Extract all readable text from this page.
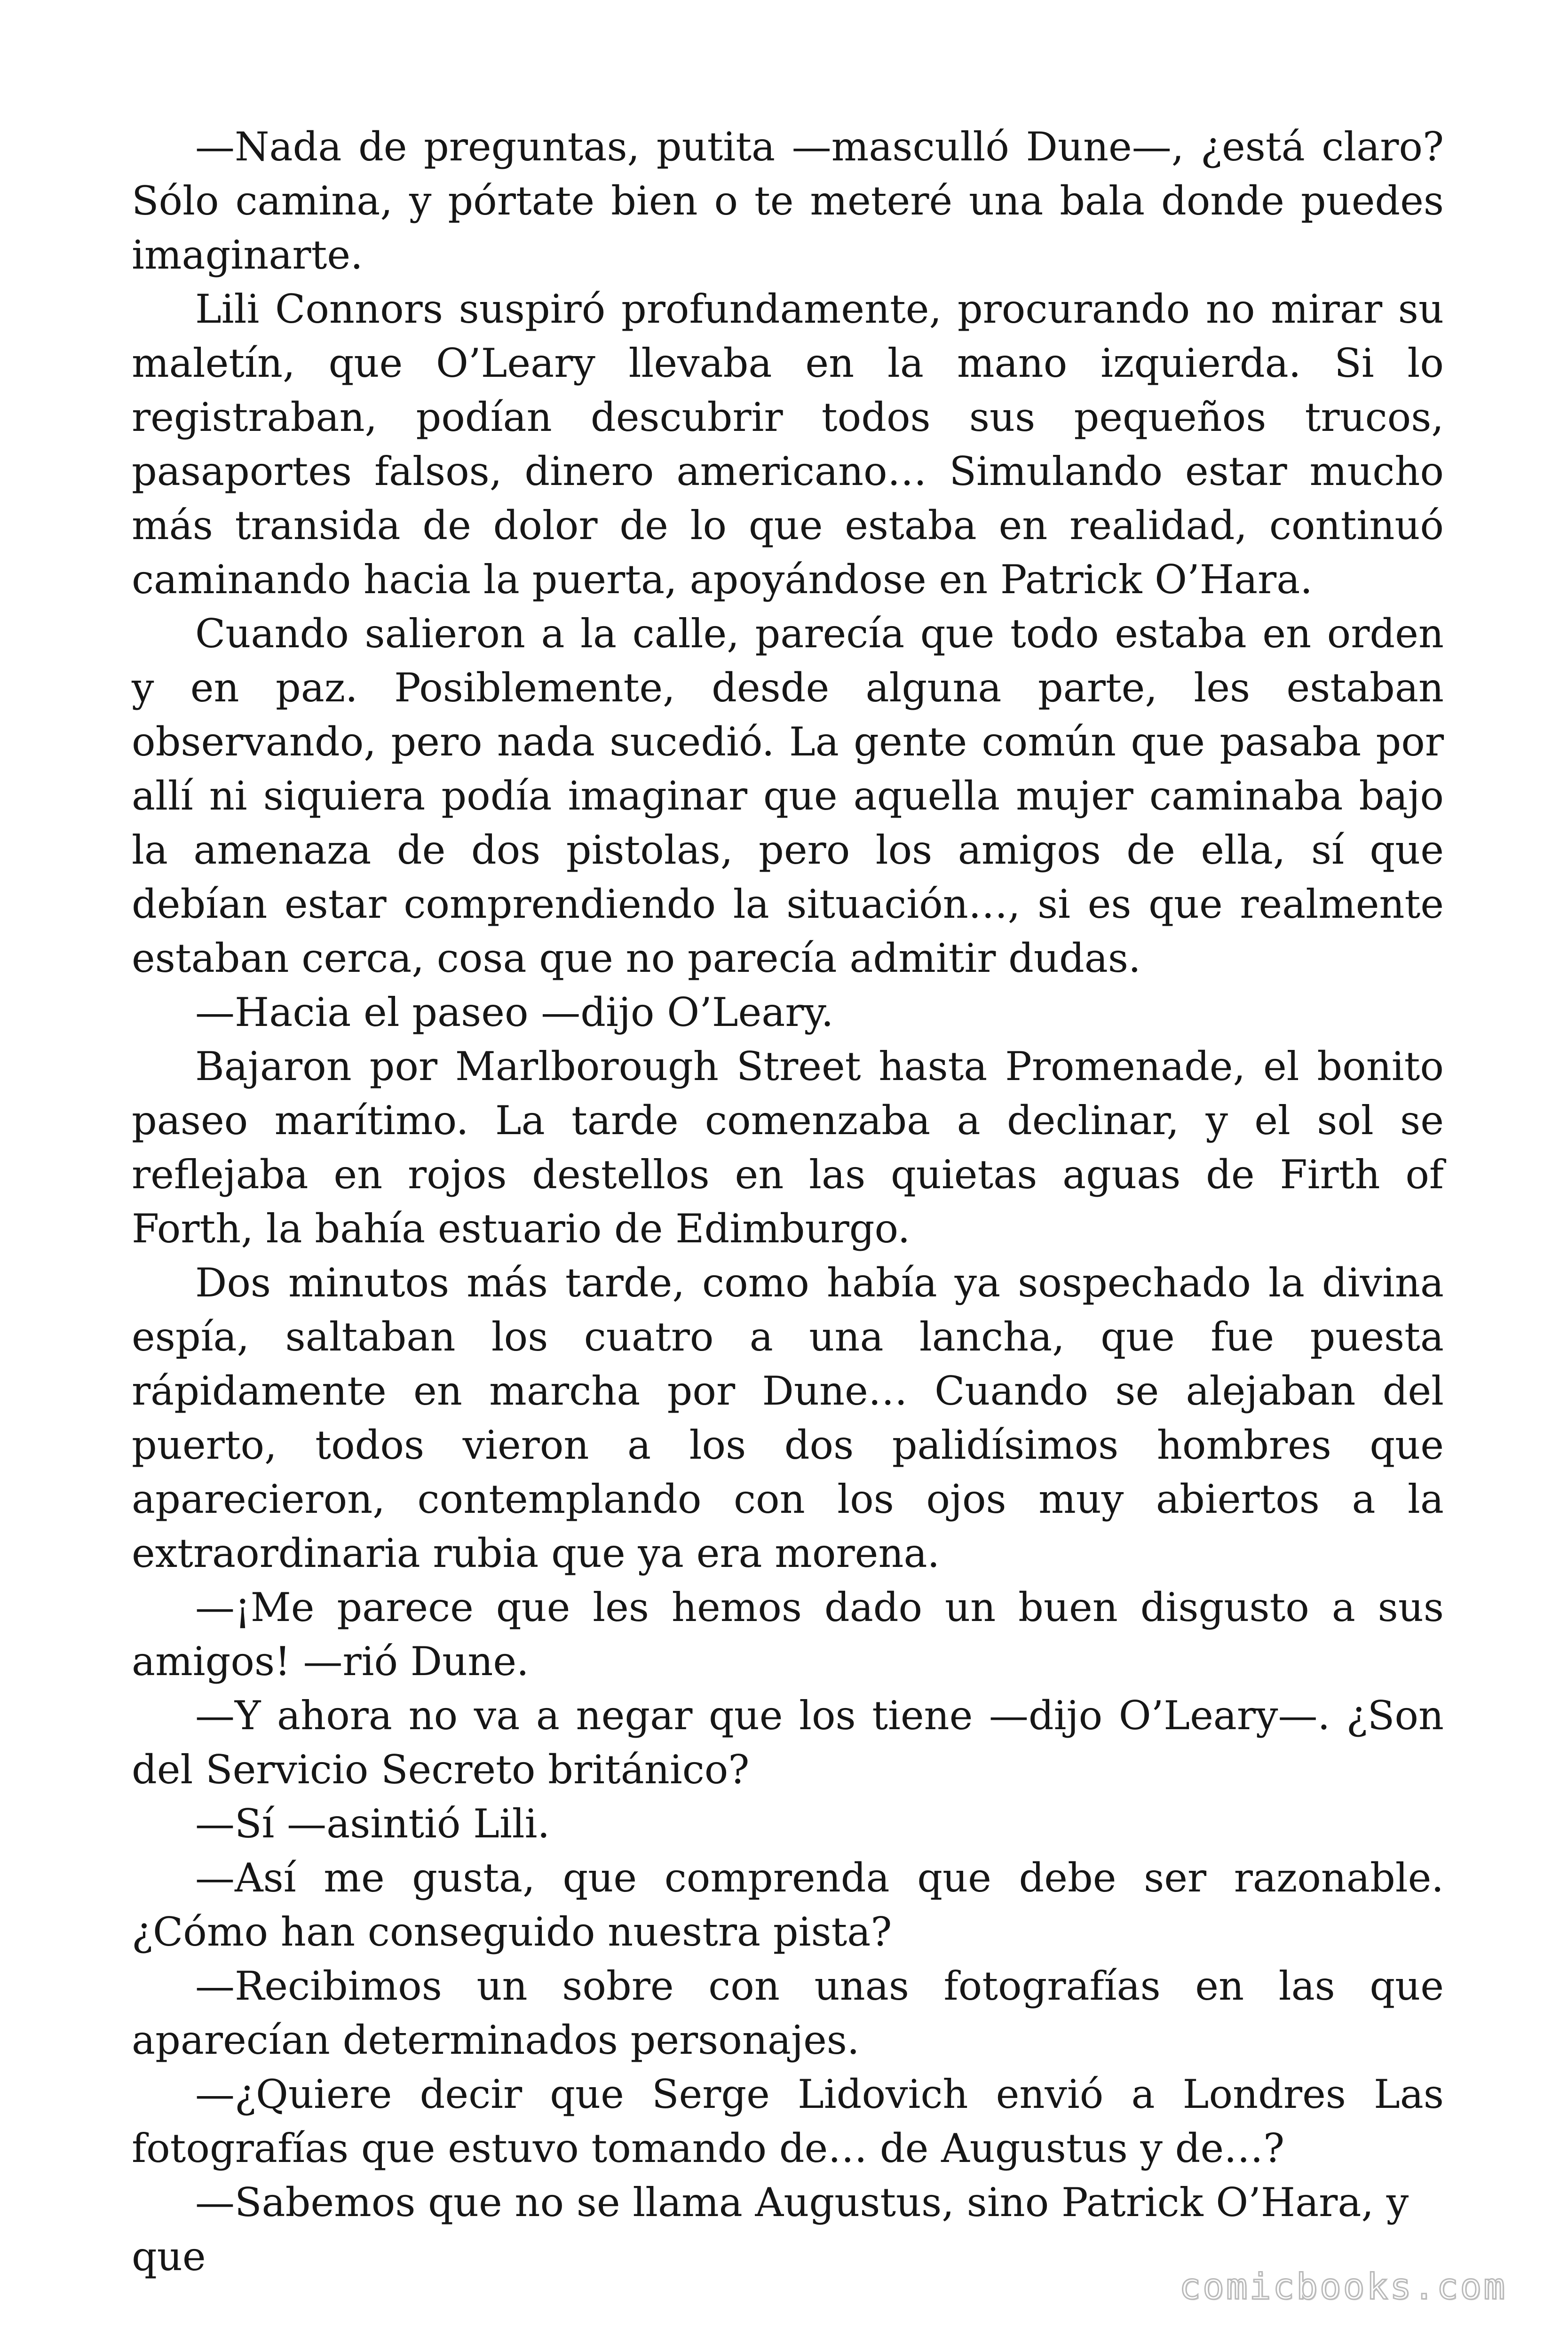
—Nada de preguntas, putita —mascullό Dune—, ¿está claro? Sólo camina, y pórtate bien o te meteré una bala donde puedes imaginarte.

Lili Connors suspiró profundamente, procurando no mirar su maletín, que O’Leary llevaba en la mano izquierda. Si lo registraban, podían descubrir todos sus pequeños trucos, pasaportes falsos, dinero americano… Simulando estar mucho más transida de dolor de lo que estaba en realidad, continuó caminando hacia la puerta, apoyándose en Patrick O’Hara.

Cuando salieron a la calle, parecía que todo estaba en orden y en paz. Posiblemente, desde alguna parte, les estaban observando, pero nada sucedió. La gente común que pasaba por allí ni siquiera podía imaginar que aquella mujer caminaba bajo la amenaza de dos pistolas, pero los amigos de ella, sí que debían estar comprendiendo la situación…, si es que realmente estaban cerca, cosa que no parecía admitir dudas.

—Hacia el paseo —dijo O’Leary.

Bajaron por Marlborough Street hasta Promenade, el bonito paseo marítimo. La tarde comenzaba a declinar, y el sol se reflejaba en rojos destellos en las quietas aguas de Firth of Forth, la bahía estuario de Edimburgo.

Dos minutos más tarde, como había ya sospechado la divina espía, saltaban los cuatro a una lancha, que fue puesta rápidamente en marcha por Dune… Cuando se alejaban del puerto, todos vieron a los dos palidísimos hombres que aparecieron, contemplando con los ojos muy abiertos a la extraordinaria rubia que ya era morena.

—¡Me parece que les hemos dado un buen disgusto a sus amigos! —rió Dune.

—Y ahora no va a negar que los tiene —dijo O’Leary—. ¿Son del Servicio Secreto británico?

—Sí —asintió Lili.

—Así me gusta, que comprenda que debe ser razonable. ¿Cómo han conseguido nuestra pista?

—Recibimos un sobre con unas fotografías en las que aparecían determinados personajes.

—¿Quiere decir que Serge Lidovich envió a Londres Las fotografías que estuvo tomando de… de Augustus y de…?

—Sabemos que no se llama Augustus, sino Patrick O’Hara, y que

comicbooks.com
